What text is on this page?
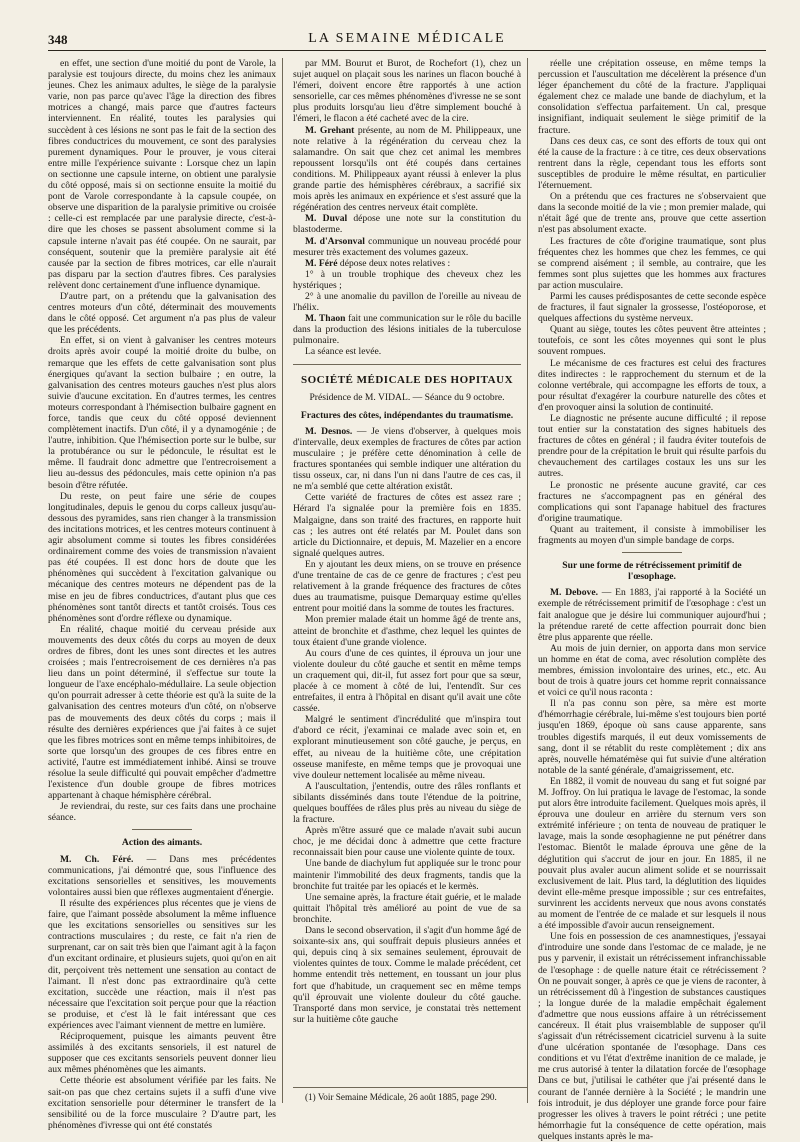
348	LA SEMAINE MÉDICALE

en effet, une section d'une moitié du pont de Varole, la paralysie est toujours directe, du moins chez les animaux jeunes. Chez les animaux adultes, le siège de la paralysie varie, non pas parce qu'avec l'âge la direction des fibres motrices a changé, mais parce que d'autres facteurs interviennent. En réalité, toutes les paralysies qui succèdent à ces lésions ne sont pas le fait de la section des fibres conductrices du mouvement, ce sont des paralysies purement dynamiques. Pour le prouver, je vous citerai entre mille l'expérience suivante : Lorsque chez un lapin on sectionne une capsule interne, on obtient une paralysie du côté opposé, mais si on sectionne ensuite la moitié du pont de Varole correspondante à la capsule coupée, on observe une disparition de la paralysie primitive ou croisée : celle-ci est remplacée par une paralysie directe, c'est-à-dire que les choses se passent absolument comme si la capsule interne n'avait pas été coupée. On ne saurait, par conséquent, soutenir que la première paralysie ait été causée par la section de fibres motrices, car elle n'aurait pas disparu par la section d'autres fibres. Ces paralysies relèvent donc certainement d'une influence dynamique.

D'autre part, on a prétendu que la galvanisation des centres moteurs d'un côté, déterminait des mouvements dans le côté opposé. Cet argument n'a pas plus de valeur que les précédents.

En effet, si on vient à galvaniser les centres moteurs droits après avoir coupé la moitié droite du bulbe, on remarque que les effets de cette galvanisation sont plus énergiques qu'avant la section bulbaire ; en outre, la galvanisation des centres moteurs gauches n'est plus alors suivie d'aucune excitation. En d'autres termes, les centres moteurs correspondant à l'hémisection bulbaire gagnent en force, tandis que ceux du côté opposé deviennent complètement inactifs. D'un côté, il y a dynamogénie ; de l'autre, inhibition. Que l'hémisection porte sur le bulbe, sur la protubérance ou sur le pédoncule, le résultat est le même. Il faudrait donc admettre que l'entrecroisement a lieu au-dessus des pédoncules, mais cette opinion n'a pas besoin d'être réfutée.

Du reste, on peut faire une série de coupes longitudinales, depuis le genou du corps calleux jusqu'au-dessous des pyramides, sans rien changer à la transmission des incitations motrices, et les centres moteurs continuent à agir absolument comme si toutes les fibres considérées ordinairement comme des voies de transmission n'avaient pas été coupées. Il est donc hors de doute que les phénomènes qui succèdent à l'excitation galvanique ou mécanique des centres moteurs ne dépendent pas de la mise en jeu de fibres conductrices, d'autant plus que ces phénomènes sont tantôt directs et tantôt croisés. Tous ces phénomènes sont d'ordre réflexe ou dynamique.

En réalité, chaque moitié du cerveau préside aux mouvements des deux côtés du corps au moyen de deux ordres de fibres, dont les unes sont directes et les autres croisées ; mais l'entrecroisement de ces dernières n'a pas lieu dans un point déterminé, il s'effectue sur toute la longueur de l'axe encéphalo-médullaire. La seule objection qu'on pourrait adresser à cette théorie est qu'à la suite de la galvanisation des centres moteurs d'un côté, on n'observe pas de mouvements des deux côtés du corps ; mais il résulte des dernières expériences que j'ai faites à ce sujet que les fibres motrices sont en même temps inhibitoires, de sorte que lorsqu'un des groupes de ces fibres entre en activité, l'autre est immédiatement inhibé. Ainsi se trouve résolue la seule difficulté qui pouvait empêcher d'admettre l'existence d'un double groupe de fibres motrices appartenant à chaque hémisphère cérébral.

Je reviendrai, du reste, sur ces faits dans une prochaine séance.

Action des aimants.

M. Ch. Féré. — Dans mes précédentes communications, j'ai démontré que, sous l'influence des excitations sensorielles et sensitives, les mouvements volontaires aussi bien que réflexes augmentaient d'énergie.

Il résulte des expériences plus récentes que je viens de faire, que l'aimant possède absolument la même influence que les excitations sensorielles ou sensitives sur les contractions musculaires ; du reste, ce fait n'a rien de surprenant, car on sait très bien que l'aimant agit à la façon d'un excitant ordinaire, et plusieurs sujets, quoi qu'on en ait dit, perçoivent très nettement une sensation au contact de l'aimant. Il n'est donc pas extraordinaire qu'à cette excitation, succède une réaction, mais il n'est pas nécessaire que l'excitation soit perçue pour que la réaction se produise, et c'est là le fait intéressant que ces expériences avec l'aimant viennent de mettre en lumière.

Réciproquement, puisque les aimants peuvent être assimilés à des excitants sensoriels, il est naturel de supposer que ces excitants sensoriels peuvent donner lieu aux mêmes phénomènes que les aimants.

Cette théorie est absolument vérifiée par les faits. Ne sait-on pas que chez certains sujets il a suffi d'une vive excitation sensorielle pour déterminer le transfert de la sensibilité ou de la force musculaire ? D'autre part, les phénomènes d'ivresse qui ont été constatés

par MM. Bourut et Burot, de Rochefort (1), chez un sujet auquel on plaçait sous les narines un flacon bouché à l'émeri, doivent encore être rapportés à une action sensorielle, car ces mêmes phénomènes d'ivresse ne se sont plus produits lorsqu'au lieu d'être simplement bouché à l'émeri, le flacon a été cacheté avec de la cire.

M. Grehant présente, au nom de M. Philippeaux, une note relative à la régénération du cerveau chez la salamandre. On sait que chez cet animal les membres repoussent lorsqu'ils ont été coupés dans certaines conditions. M. Philippeaux ayant réussi à enlever la plus grande partie des hémisphères cérébraux, a sacrifié six mois après les animaux en expérience et s'est assuré que la régénération des centres nerveux était complète.

M. Duval dépose une note sur la constitution du blastoderme.

M. d'Arsonval communique un nouveau procédé pour mesurer très exactement des volumes gazeux.

M. Féré dépose deux notes relatives :

1° à un trouble trophique des cheveux chez les hystériques ;

2° à une anomalie du pavillon de l'oreille au niveau de l'hélix.

M. Thaon fait une communication sur le rôle du bacille dans la production des lésions initiales de la tuberculose pulmonaire.

La séance est levée.

SOCIÉTÉ MÉDICALE DES HOPITAUX
Présidence de M. VIDAL. — Séance du 9 octobre.
Fractures des côtes, indépendantes du traumatisme.

M. Desnos. — Je viens d'observer, à quelques mois d'intervalle, deux exemples de fractures de côtes par action musculaire ; je préfère cette dénomination à celle de fractures spontanées qui semble indiquer une altération du tissu osseux, car, ni dans l'un ni dans l'autre de ces cas, il ne m'a semblé que cette altération existât.

Cette variété de fractures de côtes est assez rare ; Hérard l'a signalée pour la première fois en 1835. Malgaigne, dans son traité des fractures, en rapporte huit cas ; les autres ont été relatés par M. Poulet dans son article du Dictionnaire, et depuis, M. Mazelier en a encore signalé quelques autres.

En y ajoutant les deux miens, on se trouve en présence d'une trentaine de cas de ce genre de fractures ; c'est peu relativement à la grande fréquence des fractures de côtes dues au traumatisme, puisque Demarquay estime qu'elles entrent pour moitié dans la somme de toutes les fractures.

Mon premier malade était un homme âgé de trente ans, atteint de bronchite et d'asthme, chez lequel les quintes de toux étaient d'une grande violence.

Au cours d'une de ces quintes, il éprouva un jour une violente douleur du côté gauche et sentit en même temps un craquement qui, dit-il, fut assez fort pour que sa sœur, placée à ce moment à côté de lui, l'entendît. Sur ces entrefaites, il entra à l'hôpital en disant qu'il avait une côte cassée.

Malgré le sentiment d'incrédulité que m'inspira tout d'abord ce récit, j'examinai ce malade avec soin et, en explorant minutieusement son côté gauche, je perçus, en effet, au niveau de la huitième côte, une crépitation osseuse manifeste, en même temps que je provoquai une vive douleur nettement localisée au même niveau.

A l'auscultation, j'entendis, outre des râles ronflants et sibilants disséminés dans toute l'étendue de la poitrine, quelques bouffées de râles plus près au niveau du siège de la fracture.

Après m'être assuré que ce malade n'avait subi aucun choc, je me décidai donc à admettre que cette fracture reconnaissait bien pour cause une violente quinte de toux.

Une bande de diachylum fut appliquée sur le tronc pour maintenir l'immobilité des deux fragments, tandis que la bronchite fut traitée par les opiacés et le kermès.

Une semaine après, la fracture était guérie, et le malade quittait l'hôpital très amélioré au point de vue de sa bronchite.

Dans le second observation, il s'agit d'un homme âgé de soixante-six ans, qui souffrait depuis plusieurs années et qui, depuis cinq à six semaines seulement, éprouvait de violentes quintes de toux. Comme le malade précédent, cet homme entendit très nettement, en toussant un jour plus fort que d'habitude, un craquement sec en même temps qu'il éprouvait une violente douleur du côté gauche. Transporté dans mon service, je constatai très nettement sur la huitième côte gauche

(1) Voir Semaine Médicale, 26 août 1885, page 290.

réelle une crépitation osseuse, en même temps la percussion et l'auscultation me décelèrent la présence d'un léger épanchement du côté de la fracture. J'appliquai également chez ce malade une bande de diachylum, et la consolidation s'effectua parfaitement. Un cal, presque insignifiant, indiquait seulement le siège primitif de la fracture.

Dans ces deux cas, ce sont des efforts de toux qui ont été la cause de la fracture : à ce titre, ces deux observations rentrent dans la règle, cependant tous les efforts sont susceptibles de produire le même résultat, en particulier l'éternuement.

On a prétendu que ces fractures ne s'observaient que dans la seconde moitié de la vie ; mon premier malade, qui n'était âgé que de trente ans, prouve que cette assertion n'est pas absolument exacte.

Les fractures de côte d'origine traumatique, sont plus fréquentes chez les hommes que chez les femmes, ce qui se comprend aisément ; il semble, au contraire, que les femmes sont plus sujettes que les hommes aux fractures par action musculaire.

Parmi les causes prédisposantes de cette seconde espèce de fractures, il faut signaler la grossesse, l'ostéoporose, et quelques affections du système nerveux.

Quant au siège, toutes les côtes peuvent être atteintes ; toutefois, ce sont les côtes moyennes qui sont le plus souvent rompues.

Le mécanisme de ces fractures est celui des fractures dites indirectes : le rapprochement du sternum et de la colonne vertébrale, qui accompagne les efforts de toux, a pour résultat d'exagérer la courbure naturelle des côtes et d'en provoquer ainsi la solution de continuité.

Le diagnostic ne présente aucune difficulté ; il repose tout entier sur la constatation des signes habituels des fractures de côtes en général ; il faudra éviter toutefois de prendre pour de la crépitation le bruit qui résulte parfois du chevauchement des cartilages costaux les uns sur les autres.

Le pronostic ne présente aucune gravité, car ces fractures ne s'accompagnent pas en général des complications qui sont l'apanage habituel des fractures d'origine traumatique.

Quant au traitement, il consiste à immobiliser les fragments au moyen d'un simple bandage de corps.

Sur une forme de rétrécissement primitif de l'œsophage.

M. Debove. — En 1883, j'ai rapporté à la Société un exemple de rétrécissement primitif de l'œsophage : c'est un fait analogue que je désire lui communiquer aujourd'hui ; la prétendue rareté de cette affection pourrait donc bien être plus apparente que réelle.

Au mois de juin dernier, on apporta dans mon service un homme en état de coma, avec résolution complète des membres, émission involontaire des urines, etc., etc. Au bout de trois à quatre jours cet homme reprit connaissance et voici ce qu'il nous raconta :

Il n'a pas connu son père, sa mère est morte d'hémorrhagie cérébrale, lui-même s'est toujours bien porté jusqu'en 1869, époque où sans cause apparente, sans troubles digestifs marqués, il eut deux vomissements de sang, dont il se rétablit du reste complètement ; dix ans après, nouvelle hématémèse qui fut suivie d'une altération notable de la santé générale, d'amaigrissement, etc.

En 1882, il vomit de nouveau du sang et fut soigné par M. Joffroy. On lui pratiqua le lavage de l'estomac, la sonde put alors être introduite facilement. Quelques mois après, il éprouva une douleur en arrière du sternum vers son extrémité inférieure ; on tenta de nouveau de pratiquer le lavage, mais la sonde œsophagienne ne put pénétrer dans l'estomac. Bientôt le malade éprouva une gêne de la déglutition qui s'accrut de jour en jour. En 1885, il ne pouvait plus avaler aucun aliment solide et se nourrissait exclusivement de lait. Plus tard, la déglutition des liquides devint elle-même presque impossible ; sur ces entrefaites, survinrent les accidents nerveux que nous avons constatés au moment de l'entrée de ce malade et sur lesquels il nous a été impossible d'avoir aucun renseignement.

Une fois en possession de ces anamnestiques, j'essayai d'introduire une sonde dans l'estomac de ce malade, je ne pus y parvenir, il existait un rétrécissement infranchissable de l'œsophage : de quelle nature était ce rétrécissement ? On ne pouvait songer, à après ce que je viens de raconter, à un rétrécissement dû à l'ingestion de substances caustiques ; la longue durée de la maladie empêchait également d'admettre que nous eussions affaire à un rétrécissement cancéreux. Il était plus vraisemblable de supposer qu'il s'agissait d'un rétrécissement cicatriciel survenu à la suite d'une ulcération spontanée de l'œsophage. Dans ces conditions et vu l'état d'extrême inanition de ce malade, je me crus autorisé à tenter la dilatation forcée de l'œsophage Dans ce but, j'utilisai le cathéter que j'ai présenté dans le courant de l'année dernière à la Société ; le mandrin une fois introduit, je dus déployer une grande force pour faire progresser les olives à travers le point rétréci ; une petite hémorrhagie fut la conséquence de cette opération, mais quelques instants après le ma-
